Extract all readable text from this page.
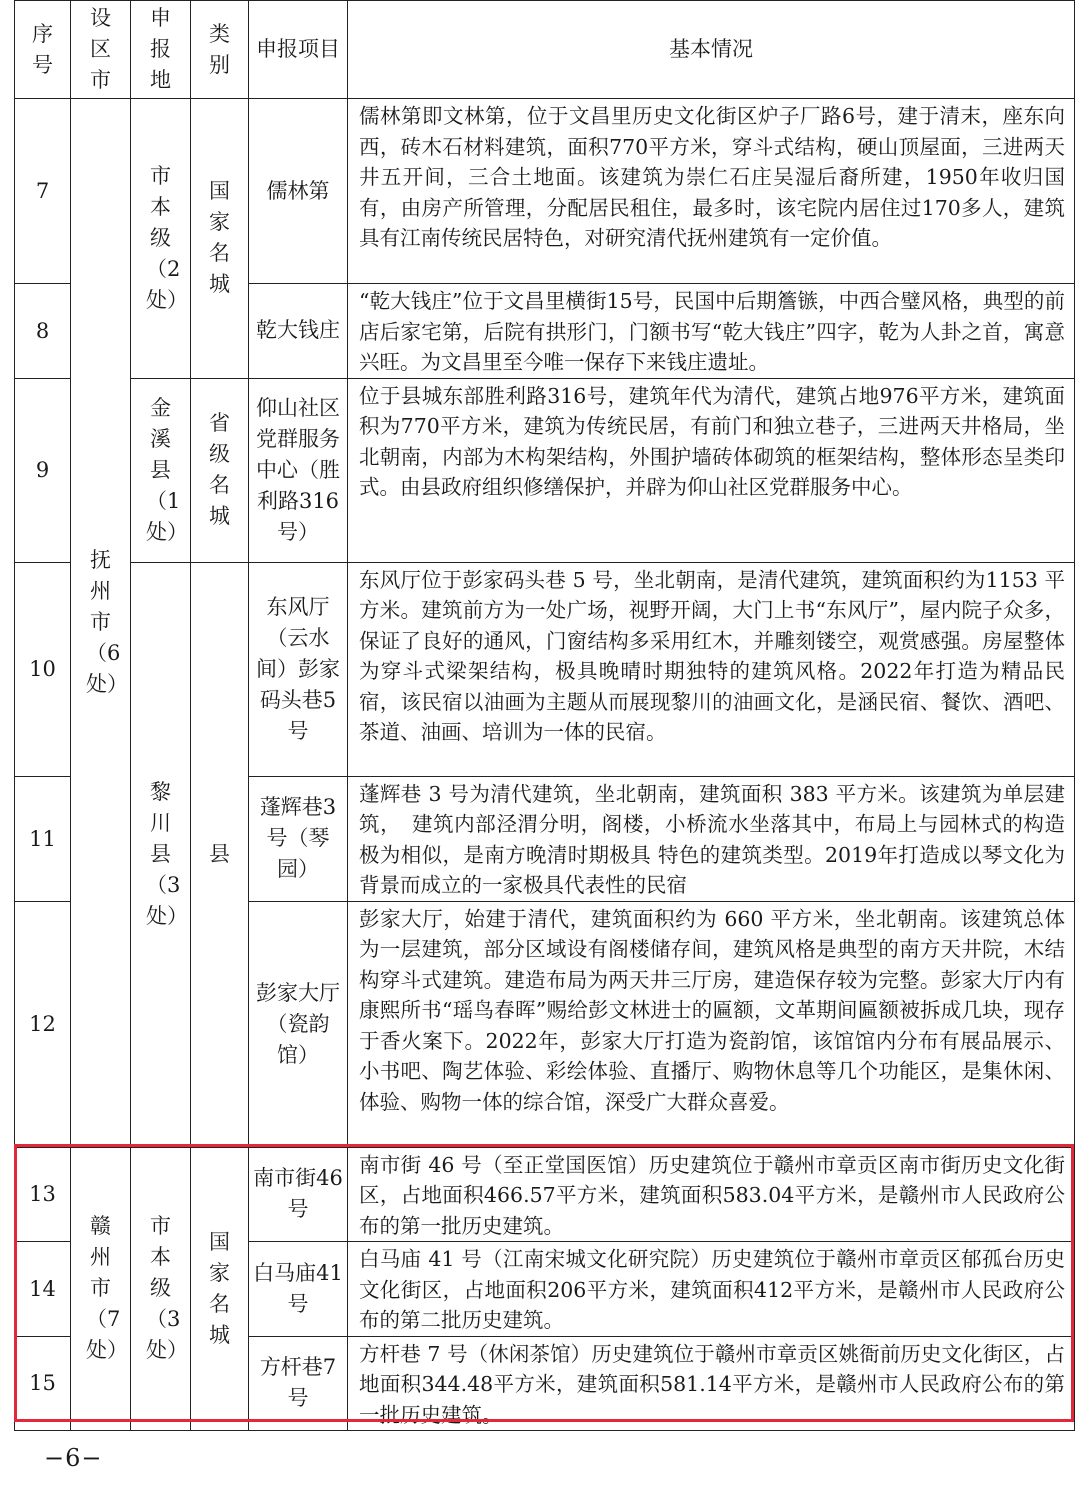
序号	设区市	申报地	类别	申报项目	基本情况
7	抚州市（6处）	市本级（2处）	国家名城	儒林第	儒林第即文林第，位于文昌里历史文化街区炉子厂路6号，建于清末，座东向西，砖木石材料建筑，面积770平方米，穿斗式结构，硬山顶屋面，三进两天井五开间，三合土地面。该建筑为崇仁石庄吴湿后裔所建，1950年收归国有，由房产所管理，分配居民租住，最多时，该宅院内居住过170多人，建筑具有江南传统民居特色，对研究清代抚州建筑有一定价值。
8				乾大钱庄	“乾大钱庄”位于文昌里横街15号，民国中后期簷镞，中西合璧风格，典型的前店后家宅第，后院有拱形门，门额书写“乾大钱庄”四字，乾为人卦之首，寓意兴旺。为文昌里至今唯一保存下来钱庄遗址。
9		金溪县（1处）	省级名城	仰山社区党群服务中心（胜利路316号）	位于县城东部胜利路316号，建筑年代为清代，建筑占地976平方米，建筑面积为770平方米，建筑为传统民居，有前门和独立巷子，三进两天井格局，坐北朝南，内部为木构架结构，外围护墙砖体砌筑的框架结构，整体形态呈类印式。由县政府组织修缮保护，并辟为仰山社区党群服务中心。
10		黎川县（3处）	县	东风厅（云水间）彭家码头巷5号	东风厅位于彭家码头巷 5 号，坐北朝南，是清代建筑，建筑面积约为1153 平方米。建筑前方为一处广场，视野开阔，大门上书“东风厅”，屋内院子众多，保证了良好的通风，门窗结构多采用红木，并雕刻镂空，观赏感强。房屋整体为穿斗式梁架结构，极具晚晴时期独特的建筑风格。2022年打造为精品民宿，该民宿以油画为主题从而展现黎川的油画文化，是涵民宿、餐饮、酒吧、茶道、油画、培训为一体的民宿。
11				蓬辉巷3号（琴园）	蓬辉巷 3 号为清代建筑，坐北朝南，建筑面积 383 平方米。该建筑为单层建筑，　建筑内部泾渭分明，阁楼，小桥流水坐落其中，布局上与园林式的构造极为相似，是南方晚清时期极具 特色的建筑类型。2019年打造成以琴文化为背景而成立的一家极具代表性的民宿
12				彭家大厅（瓷韵馆）	彭家大厅，始建于清代，建筑面积约为 660 平方米，坐北朝南。该建筑总体为一层建筑，部分区域设有阁楼储存间，建筑风格是典型的南方天井院，木结构穿斗式建筑。建造布局为两天井三厅房，建造保存较为完整。彭家大厅内有康熙所书“瑶鸟春晖”赐给彭文林进士的匾额，文革期间匾额被拆成几块，现存于香火案下。2022年，彭家大厅打造为瓷韵馆，该馆馆内分布有展品展示、小书吧、陶艺体验、彩绘体验、直播厅、购物休息等几个功能区，是集休闲、体验、购物一体的综合馆，深受广大群众喜爱。
13	赣州市（7处）	市本级（3处）	国家名城	南市街46号	南市街 46 号（至正堂国医馆）历史建筑位于赣州市章贡区南市街历史文化街区，占地面积466.57平方米，建筑面积583.04平方米，是赣州市人民政府公布的第一批历史建筑。
14				白马庙41号	白马庙 41 号（江南宋城文化研究院）历史建筑位于赣州市章贡区郁孤台历史文化街区，占地面积206平方米，建筑面积412平方米，是赣州市人民政府公布的第二批历史建筑。
15				方杆巷7号	方杆巷 7 号（休闲茶馆）历史建筑位于赣州市章贡区姚衙前历史文化街区，占地面积344.48平方米，建筑面积581.14平方米，是赣州市人民政府公布的第一批历史建筑。
−6−
